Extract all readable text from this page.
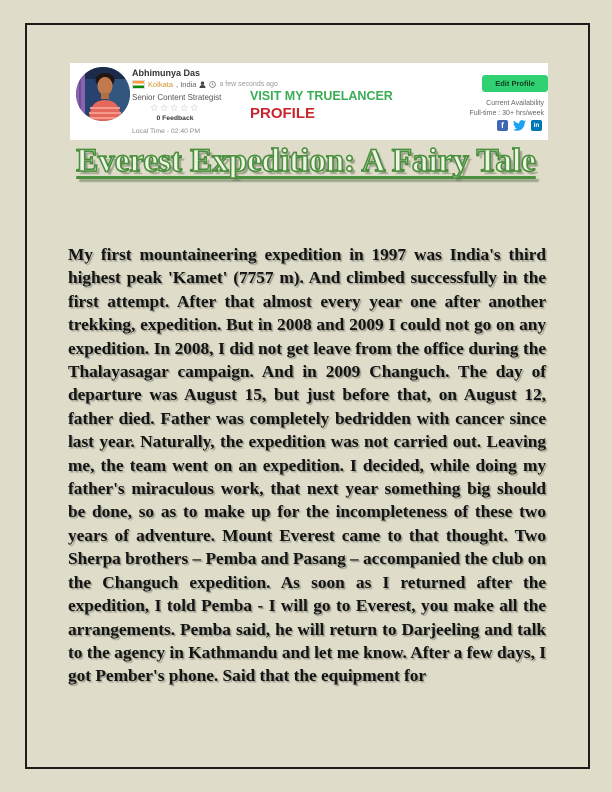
Abhimunya Das
Kolkata , India	a few seconds ago
Senior Content Strategist
☆☆☆☆☆
0 Feedback
Local Time - 02:40 PM
VISIT MY TRUELANCER
PROFILE
Edit Profile
Current Availability
Full-time : 30+ hrs/week
f	in
Everest Expedition: A Fairy Tale
My first mountaineering expedition in 1997 was India's third highest peak 'Kamet' (7757 m). And climbed successfully in the first attempt. After that almost every year one after another trekking, expedition. But in 2008 and 2009 I could not go on any expedition. In 2008, I did not get leave from the office during the Thalayasagar campaign. And in 2009 Changuch. The day of departure was August 15, but just before that, on August 12, father died. Father was completely bedridden with cancer since last year. Naturally, the expedition was not carried out. Leaving me, the team went on an expedition. I decided, while doing my father's miraculous work, that next year something big should be done, so as to make up for the incompleteness of these two years of adventure. Mount Everest came to that thought. Two Sherpa brothers – Pemba and Pasang – accompanied the club on the Changuch expedition. As soon as I returned after the expedition, I told Pemba - I will go to Everest, you make all the arrangements. Pemba said, he will return to Darjeeling and talk to the agency in Kathmandu and let me know. After a few days, I got Pember's phone. Said that the equipment for
